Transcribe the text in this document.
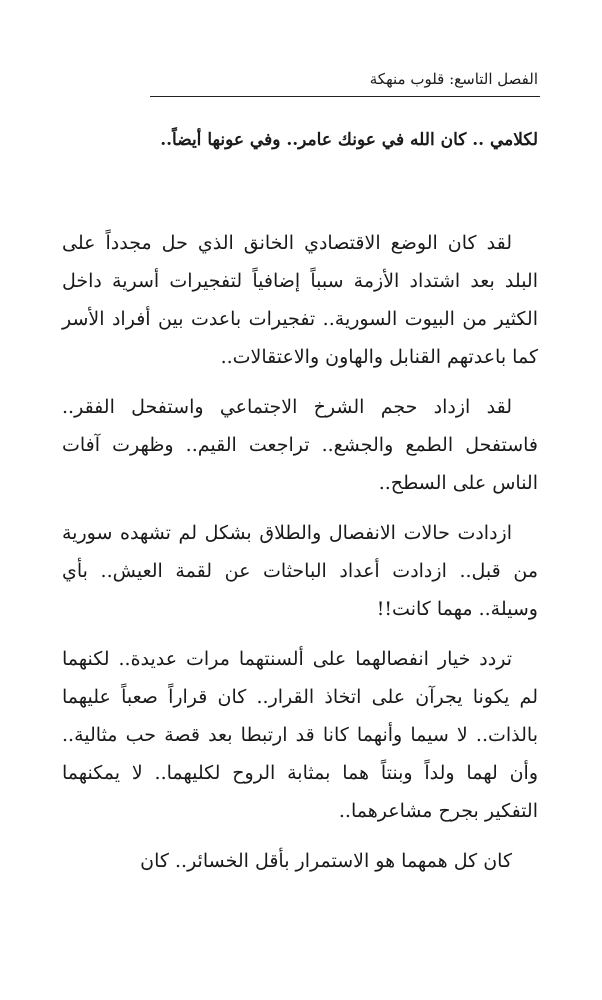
الفصل التاسع: قلوب منهكة
لكلامي .. كان الله في عونك عامر.. وفي عونها أيضاً..

لقد كان الوضع الاقتصادي الخانق الذي حل مجدداً على البلد بعد اشتداد الأزمة سبباً إضافياً لتفجيرات أسرية داخل الكثير من البيوت السورية.. تفجيرات باعدت بين أفراد الأسر كما باعدتهم القنابل والهاون والاعتقالات..

لقد ازداد حجم الشرخ الاجتماعي واستفحل الفقر.. فاستفحل الطمع والجشع.. تراجعت القيم.. وظهرت آفات الناس على السطح..

ازدادت حالات الانفصال والطلاق بشكل لم تشهده سورية من قبل.. ازدادت أعداد الباحثات عن لقمة العيش.. بأي وسيلة.. مهما كانت!!

تردد خيار انفصالهما على ألسنتهما مرات عديدة.. لكنهما لم يكونا يجرآن على اتخاذ القرار.. كان قراراً صعباً عليهما بالذات.. لا سيما وأنهما كانا قد ارتبطا بعد قصة حب مثالية.. وأن لهما ولداً وبنتاً هما بمثابة الروح لكليهما.. لا يمكنهما التفكير بجرح مشاعرهما..

كان كل همهما هو الاستمرار بأقل الخسائر.. كان
